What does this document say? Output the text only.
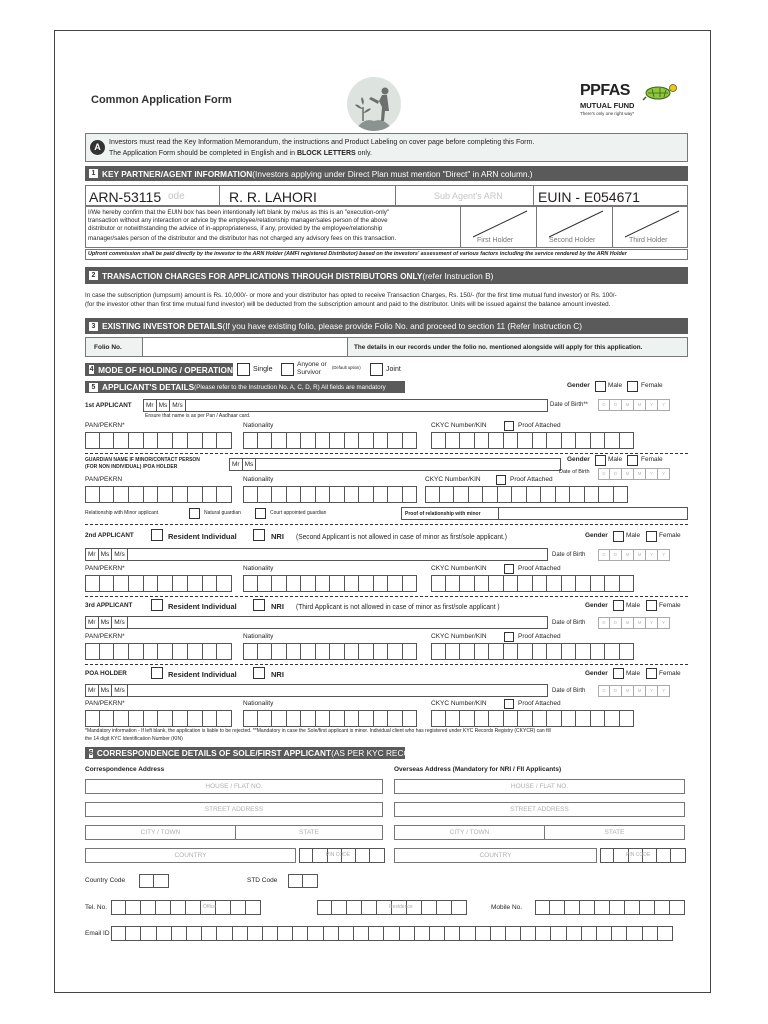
Common Application Form
PPFAS
MUTUAL FUND
There's only one right way*
A	Investors must read the Key Information Memorandum, the instructions and Product Labeling on cover page before completing this Form.
The Application Form should be completed in English and in BLOCK LETTERS only.
1 KEY PARTNER/AGENT INFORMATION (Investors applying under Direct Plan must mention "Direct" in ARN column.)
ARN-53115 ode	R. R. LAHORI	Sub Agent's ARN	EUIN - E054671
I/We hereby confirm that the EUIN box has been intentionally left blank by me/us as this is an "execution-only"
transaction without any interaction or advice by the employee/relationship manager/sales person of the above
distributor or notwithstanding the advice of in-appropriateness, if any, provided by the employee/relationship
manager/sales person of the distributor and the distributor has not charged any advisory fees on this transaction.	First Holder	Second Holder	Third Holder
Upfront commission shall be paid directly by the investor to the ARN Holder (AMFI registered Distributor) based on the investors' assessment of various factors including the service rendered by the ARN Holder
2 TRANSACTION CHARGES FOR APPLICATIONS THROUGH DISTRIBUTORS ONLY (refer Instruction B)
In case the subscription (lumpsum) amount is Rs. 10,000/- or more and your distributor has opted to receive Transaction Charges, Rs. 150/- (for the first time mutual fund investor) or Rs. 100/-
(for the investor other than first time mutual fund investor) will be deducted from the subscription amount and paid to the distributor. Units will be issued against the balance amount invested.
3 EXISTING INVESTOR DETAILS (If you have existing folio, please provide Folio No. and proceed to section 11 (Refer Instruction C)
Folio No.	The details in our records under the folio no. mentioned alongside will apply for this application.
4 MODE OF HOLDING / OPERATION	Single
Anyone or
Survivor
(Default option)	Joint
5 APPLICANT'S DETAILS (Please refer to the Instruction No. A, C, D, R) All fields are mandatory	Gender	Male	Female
1st APPLICANT	Mr Ms M/s
Ensure that name is as per Pan / Aadhaar card.
Date of Birth**	D	D	M	M	Y	Y
PAN/PEKRN*	Nationality	CKYC Number/KIN	Proof Attached
GUARDIAN NAME IF MINOR/CONTACT PERSON
(FOR NON INDIVIDUAL) /POA HOLDER	Mr Ms
Gender	Male	Female
Date of Birth	D	D	M	M	Y	Y
PAN/PEKRN	Nationality	CKYC Number/KIN	Proof Attached
Relationship with Minor applicant	Natural guardian	Court appointed guardian	Proof of relationship with minor
2nd APPLICANT	Resident Individual	NRI (Second Applicant is not allowed in case of minor as first/sole applicant.)	Gender	Male	Female
Mr Ms M/s	Date of Birth	D	D	M	M	Y	Y
PAN/PEKRN*	Nationality	CKYC Number/KIN	Proof Attached
3rd APPLICANT	Resident Individual	NRI (Third Applicant is not allowed in case of minor as first/sole applicant )	Gender	Male	Female
Mr Ms M/s	Date of Birth	D	D	M	M	Y	Y
PAN/PEKRN*	Nationality	CKYC Number/KIN	Proof Attached
POA HOLDER	Resident Individual	NRI	Gender	Male	Female
Mr Ms M/s	Date of Birth	D	D	M	M	Y	Y
PAN/PEKRN*	Nationality	CKYC Number/KIN	Proof Attached
*Mandatory information - If left blank, the application is liable to be rejected. **Mandatory in case the Sole/first applicant is minor. Individual client who has registered under KYC Records Registry (CKYCR) can fill
the 14 digit KYC Identification Number (KIN)
6 CORRESPONDENCE DETAILS OF SOLE/FIRST APPLICANT (AS PER KYC RECORDS)
Correspondence Address	Overseas Address (Mandatory for NRI / FII Applicants)
HOUSE / FLAT NO.	HOUSE / FLAT NO.
STREET ADDRESS	STREET ADDRESS
CITY / TOWN	STATE	CITY / TOWN	STATE
COUNTRY	PIN CODE	COUNTRY	PIN CODE
Country Code	STD Code
Tel. No.	Office	Residence	Mobile No.
Email ID
